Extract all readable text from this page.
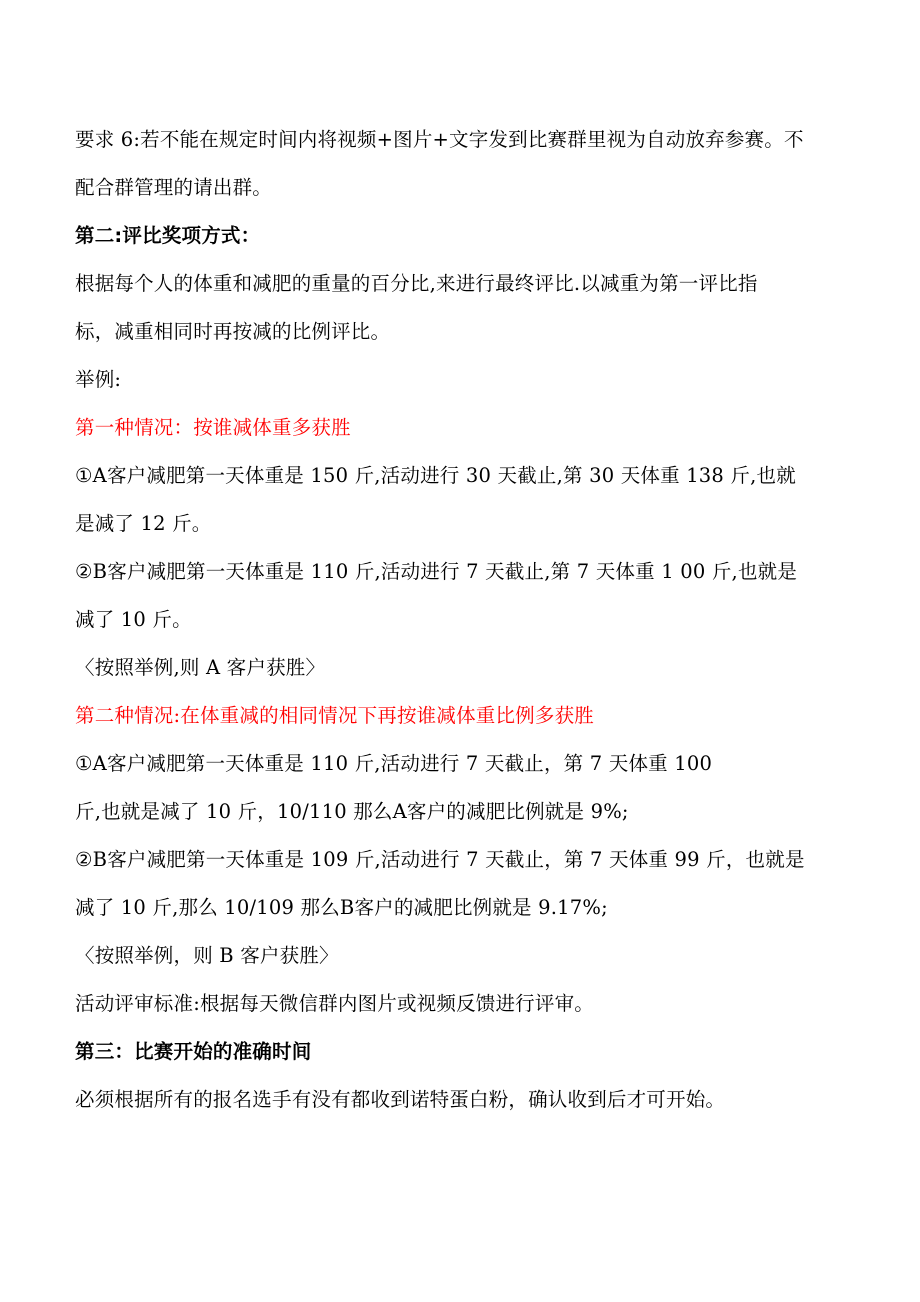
要求 6:若不能在规定时间内将视频+图片+文字发到比赛群里视为自动放弃参赛。不

配合群管理的请出群。

第二:评比奖项方式：

根据每个人的体重和减肥的重量的百分比,来进行最终评比.以减重为第一评比指

标，减重相同时再按减的比例评比。

举例:

第一种情况：按谁减体重多获胜

①A客户减肥第一天体重是 150 斤,活动进行 30 天截止,第 30 天体重 138 斤,也就

是减了 12 斤。

②B客户减肥第一天体重是 110 斤,活动进行 7 天截止,第 7 天体重 1 00 斤,也就是

减了 10 斤。

〈按照举例,则 A 客户获胜〉

第二种情况:在体重减的相同情况下再按谁减体重比例多获胜

①A客户减肥第一天体重是 110 斤,活动进行 7 天截止，第 7 天体重 100

斤,也就是减了 10 斤，10/110 那么A客户的减肥比例就是 9%;

②B客户减肥第一天体重是 109 斤,活动进行 7 天截止，第 7 天体重 99 斤，也就是

减了 10 斤,那么 10/109 那么B客户的减肥比例就是 9.17%;

〈按照举例，则 B 客户获胜〉

活动评审标准:根据每天微信群内图片或视频反馈进行评审。

第三：比赛开始的准确时间

必须根据所有的报名选手有没有都收到诺特蛋白粉，确认收到后才可开始。
